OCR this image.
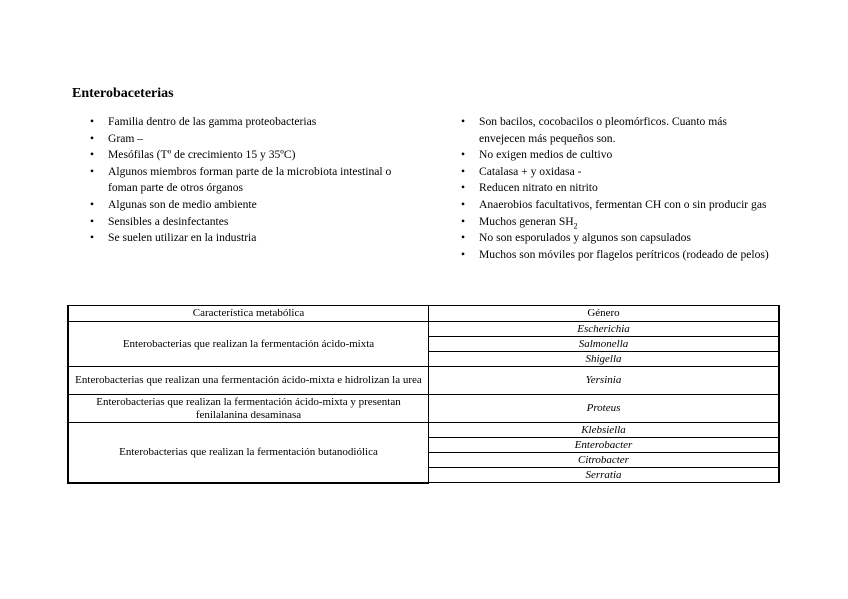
Enterobaceterias
• Familia dentro de las gamma proteobacterias
• Gram –
• Mesófilas (Tº de crecimiento 15 y 35ºC)
• Algunos miembros forman parte de la microbiota intestinal o foman parte de otros órganos
• Algunas son de medio ambiente
• Sensibles a desinfectantes
• Se suelen utilizar en la industria
• Son bacilos, cocobacilos o pleomórficos. Cuanto más envejecen más pequeños son.
• No exigen medios de cultivo
• Catalasa + y oxidasa -
• Reducen nitrato en nitrito
• Anaerobios facultativos, fermentan CH con o sin producir gas
• Muchos generan $SH_2$
• No son esporulados y algunos son capsulados
• Muchos son móviles por flagelos perítricos (rodeado de pelos)
Característica metabólica	Género
Enterobacterias que realizan la fermentación ácido-mixta	Escherichia
	Salmonella
	Shigella
Enterobacterias que realizan una fermentación ácido-mixta e hidrolizan la urea	Yersinia
Enterobacterias que realizan la fermentación ácido-mixta y presentan fenilalanina desaminasa	Proteus
Enterobacterias que realizan la fermentación butanodiólica	Klebsiella
	Enterobacter
	Citrobacter
	Serratia
